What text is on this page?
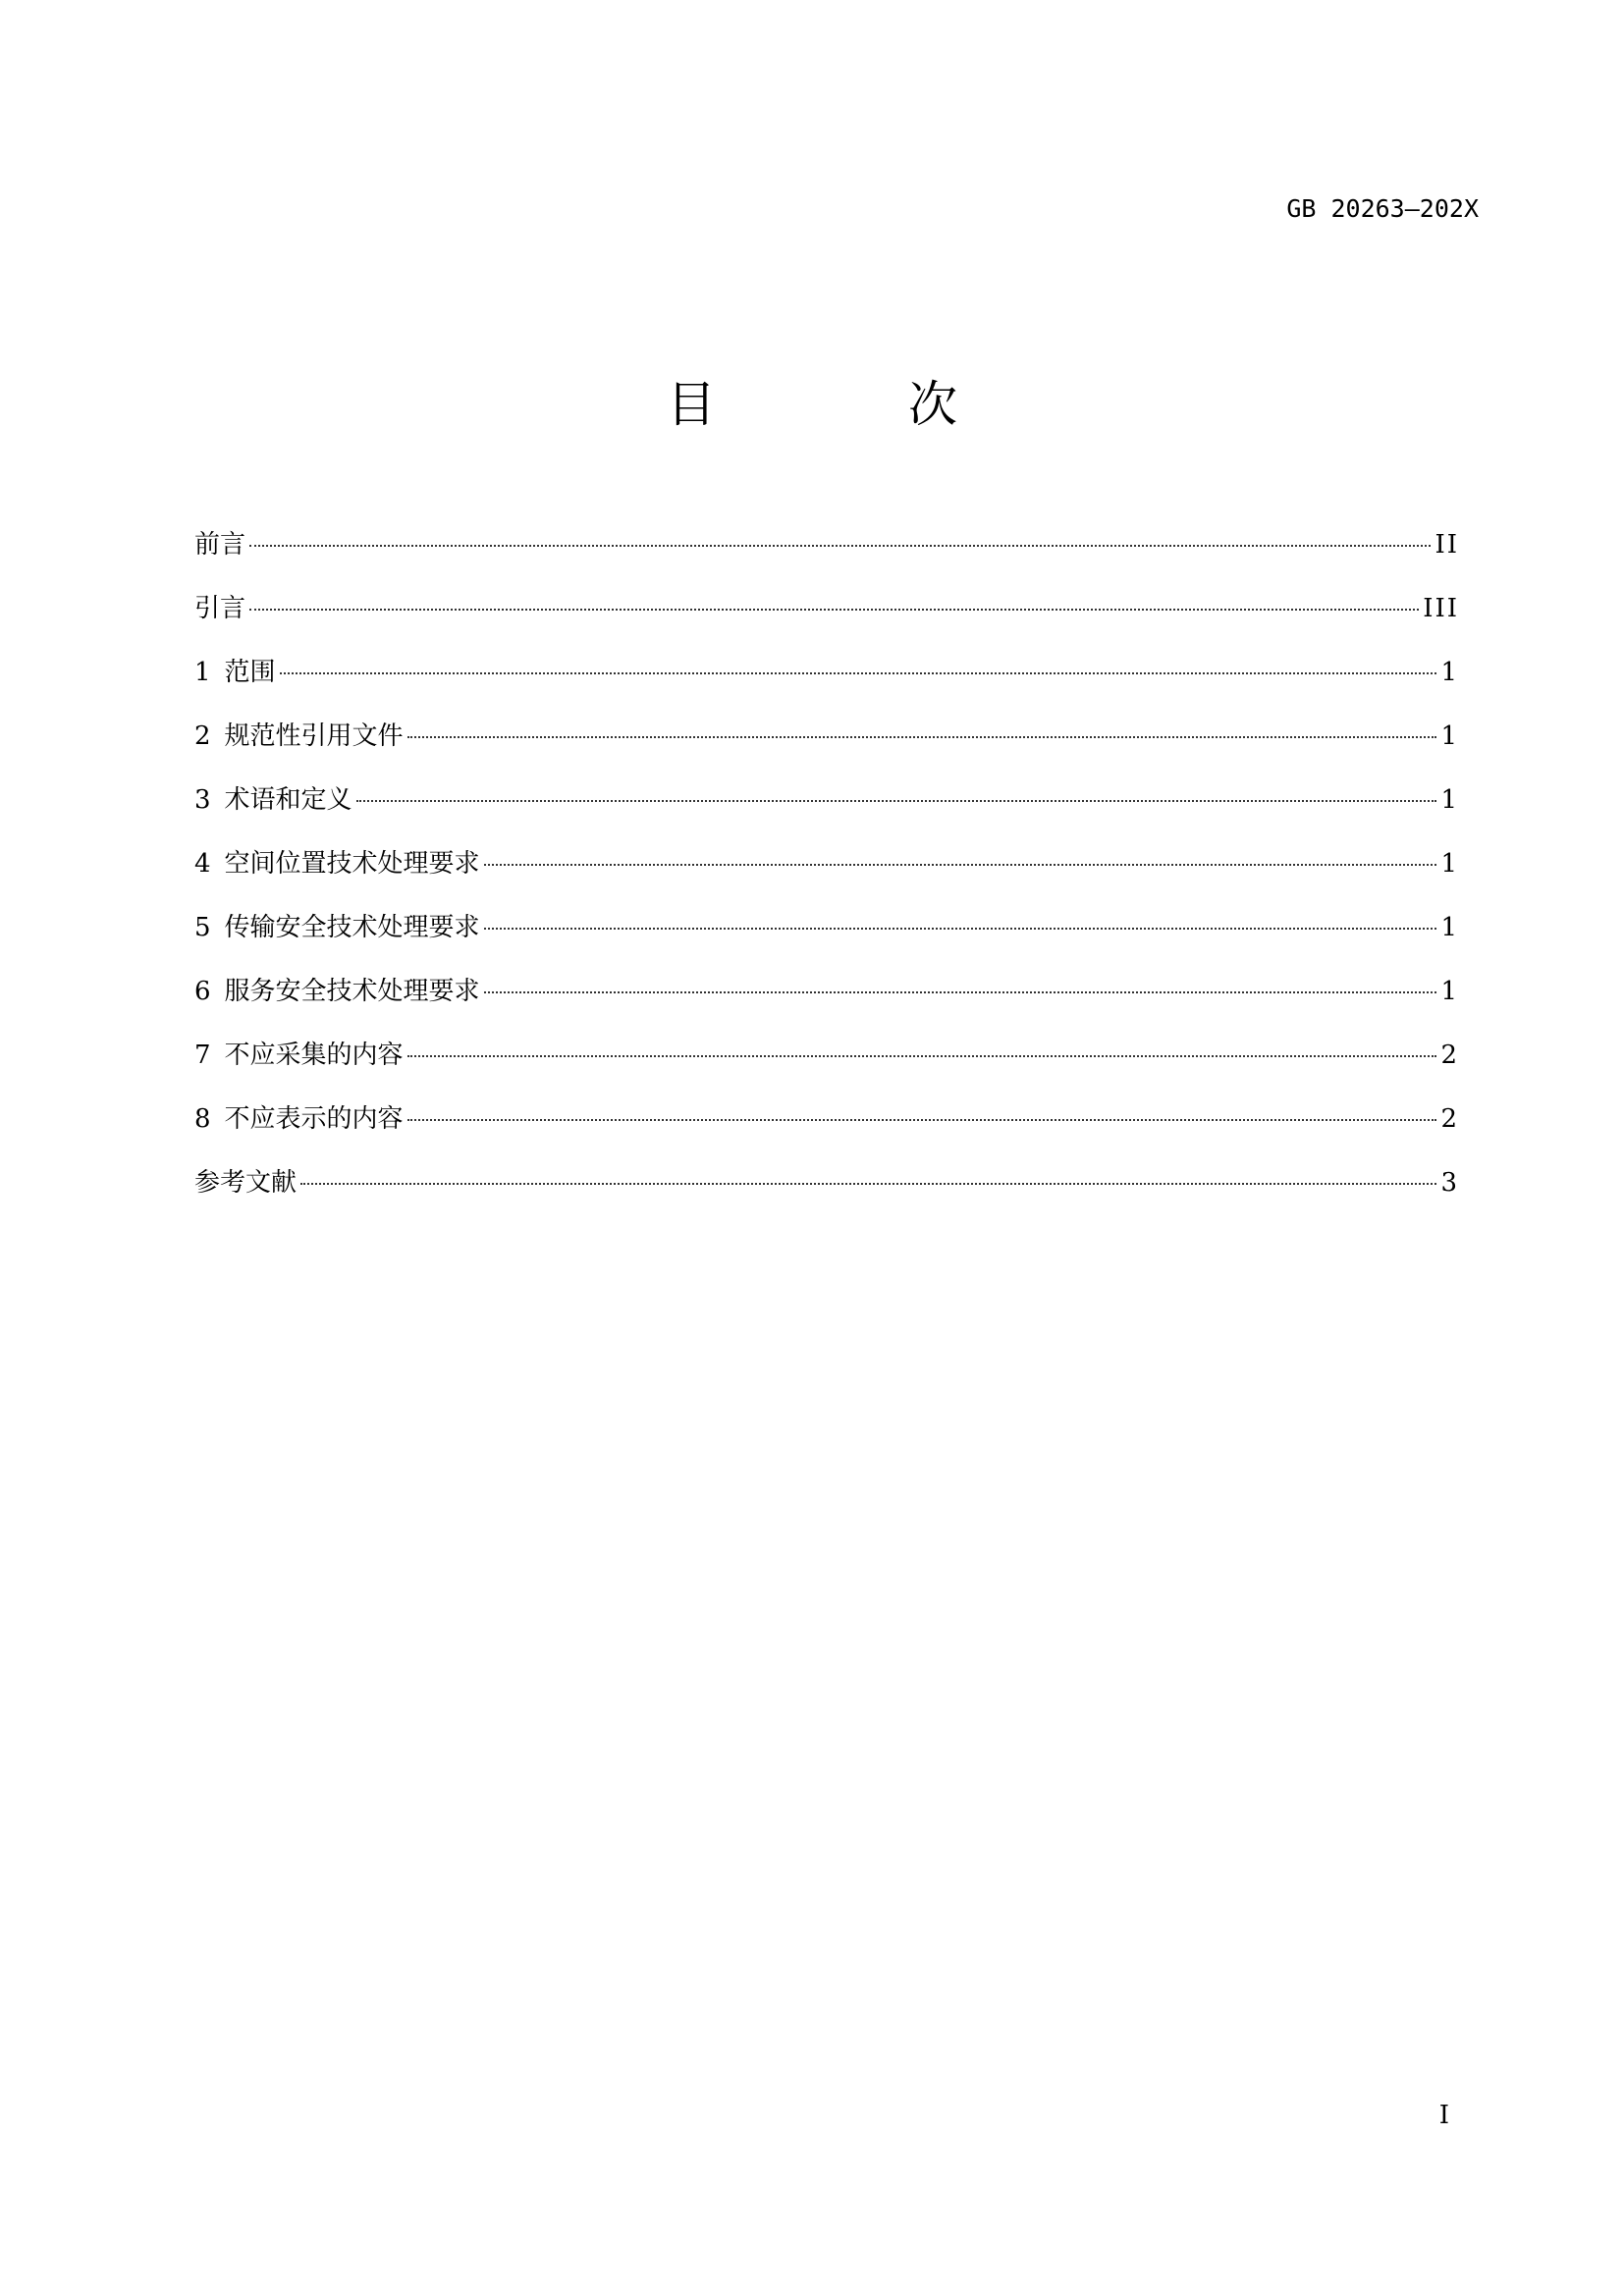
GB 20263—202X
目 次
前言	II
引言	III
1 范围	1
2 规范性引用文件	1
3 术语和定义	1
4 空间位置技术处理要求	1
5 传输安全技术处理要求	1
6 服务安全技术处理要求	1
7 不应采集的内容	2
8 不应表示的内容	2
参考文献	3
I
